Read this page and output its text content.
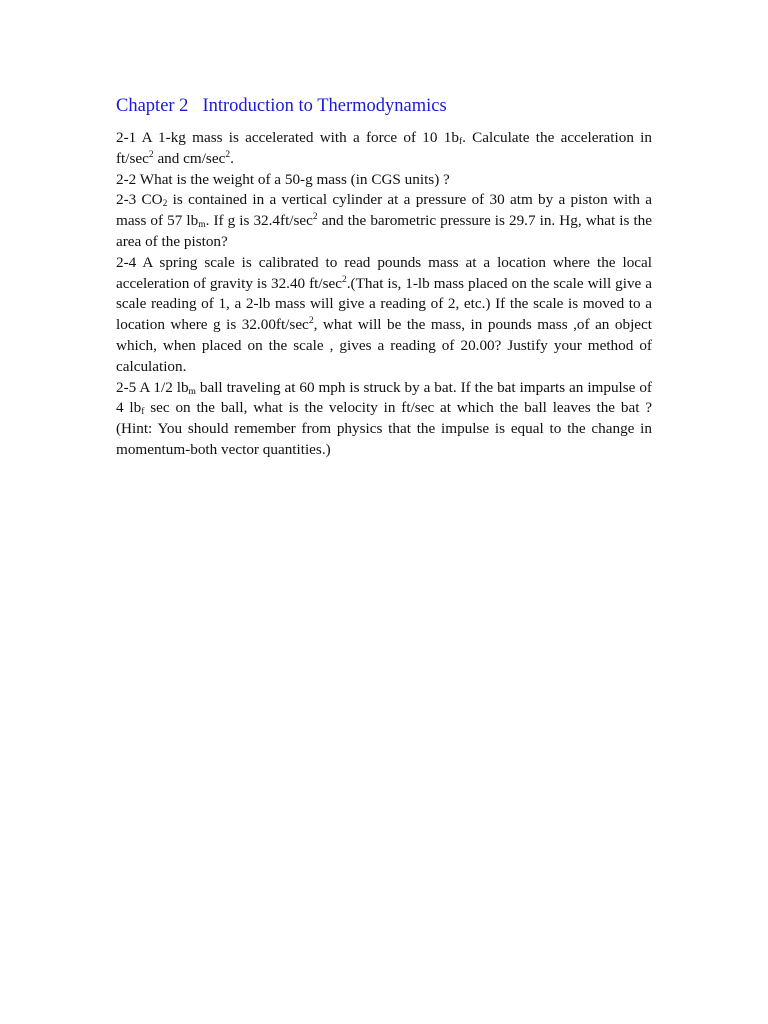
Chapter 2 Introduction to Thermodynamics

2-1 A 1-kg mass is accelerated with a force of 10 $1b_f$. Calculate the acceleration in $ft/\sec^2$ and $cm/\sec^2$.

2-2 What is the weight of a 50-g mass (in CGS units) ?

2-3 $CO_2$ is contained in a vertical cylinder at a pressure of 30 atm by a piston with a mass of 57 $lb_m$. If g is $32.4ft/\sec^2$ and the barometric pressure is 29.7 in. Hg, what is the area of the piston?

2-4 A spring scale is calibrated to read pounds mass at a location where the local acceleration of gravity is 32.40 $ft/\sec^2.(That$ is, 1-lb mass placed on the scale will give a scale reading of 1, a 2-lb mass will give a reading of 2, etc.) If the scale is moved to a location where g is $32.00ft/\sec^2$, what will be the mass, in pounds mass ,of an object which, when placed on the scale , gives a reading of 20.00? Justify your method of calculation.

2-5 A 1/2 $lb_m$ ball traveling at 60 mph is struck by a bat. If the bat imparts an impulse of 4 $lb_f$ sec on the ball, what is the velocity in ft/sec at which the ball leaves the bat ? (Hint: You should remember from physics that the impulse is equal to the change in momentum-both vector quantities.)
